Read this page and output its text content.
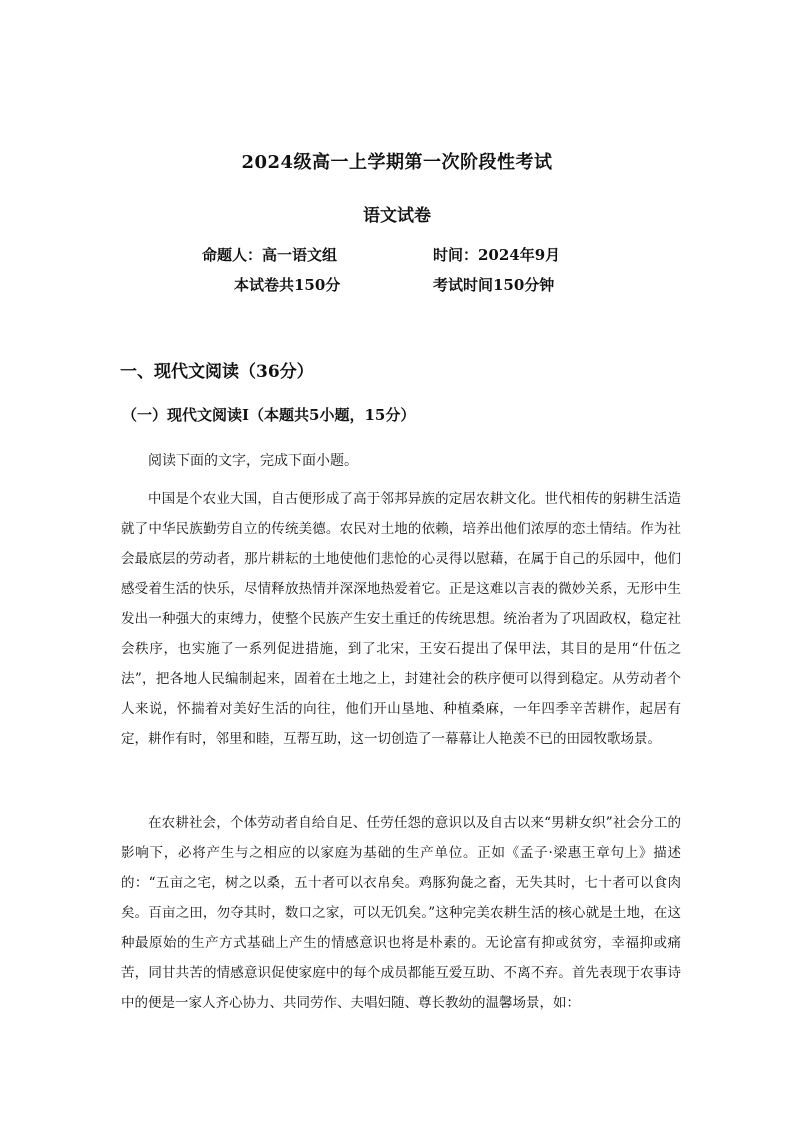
2024级高一上学期第一次阶段性考试
语文试卷
命题人：高一语文组	时间：2024年9月
本试卷共150分	考试时间150分钟
一、现代文阅读（36分）
（一）现代文阅读Ⅰ（本题共5小题，15分）
阅读下面的文字，完成下面小题。

中国是个农业大国，自古便形成了高于邻邦异族的定居农耕文化。世代相传的躬耕生活造就了中华民族勤劳自立的传统美德。农民对土地的依赖，培养出他们浓厚的恋土情结。作为社会最底层的劳动者，那片耕耘的土地使他们悲怆的心灵得以慰藉，在属于自己的乐园中，他们感受着生活的快乐，尽情释放热情并深深地热爱着它。正是这难以言表的微妙关系，无形中生发出一种强大的束缚力，使整个民族产生安土重迁的传统思想。统治者为了巩固政权，稳定社会秩序，也实施了一系列促进措施，到了北宋，王安石提出了保甲法，其目的是用“什伍之法”，把各地人民编制起来，固着在土地之上，封建社会的秩序便可以得到稳定。从劳动者个人来说，怀揣着对美好生活的向往，他们开山垦地、种植桑麻，一年四季辛苦耕作，起居有定，耕作有时，邻里和睦，互帮互助，这一切创造了一幕幕让人艳羡不已的田园牧歌场景。

在农耕社会，个体劳动者自给自足、任劳任怨的意识以及自古以来“男耕女织”社会分工的影响下，必将产生与之相应的以家庭为基础的生产单位。正如《孟子·梁惠王章句上》描述的：“五亩之宅，树之以桑，五十者可以衣帛矣。鸡豚狗彘之畜，无失其时，七十者可以食肉矣。百亩之田，勿夺其时，数口之家，可以无饥矣。”这种完美农耕生活的核心就是土地，在这种最原始的生产方式基础上产生的情感意识也将是朴素的。无论富有抑或贫穷，幸福抑或痛苦，同甘共苦的情感意识促使家庭中的每个成员都能互爱互助、不离不弃。首先表现于农事诗中的便是一家人齐心协力、共同劳作、夫唱妇随、尊长教幼的温馨场景，如：
